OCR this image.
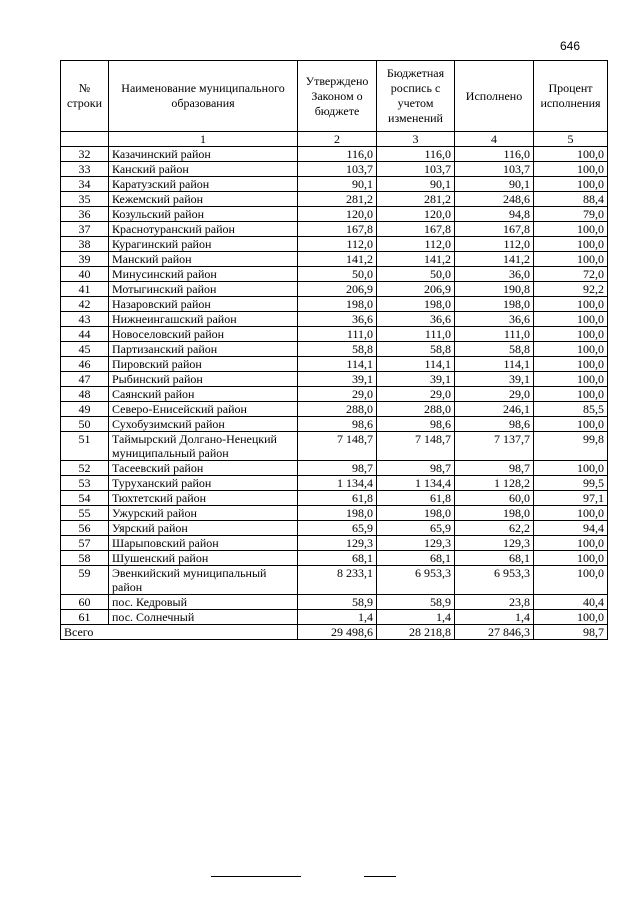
646
№ строки	Наименование муниципального образования	Утверждено Законом о бюджете	Бюджетная роспись с учетом изменений	Исполнено	Процент исполнения
	1	2	3	4	5
32	Казачинский район	116,0	116,0	116,0	100,0
33	Канский район	103,7	103,7	103,7	100,0
34	Каратузский район	90,1	90,1	90,1	100,0
35	Кежемский район	281,2	281,2	248,6	88,4
36	Козульский район	120,0	120,0	94,8	79,0
37	Краснотуранский район	167,8	167,8	167,8	100,0
38	Курагинский район	112,0	112,0	112,0	100,0
39	Манский район	141,2	141,2	141,2	100,0
40	Минусинский район	50,0	50,0	36,0	72,0
41	Мотыгинский район	206,9	206,9	190,8	92,2
42	Назаровский район	198,0	198,0	198,0	100,0
43	Нижнеингашский район	36,6	36,6	36,6	100,0
44	Новоселовский район	111,0	111,0	111,0	100,0
45	Партизанский район	58,8	58,8	58,8	100,0
46	Пировский район	114,1	114,1	114,1	100,0
47	Рыбинский район	39,1	39,1	39,1	100,0
48	Саянский район	29,0	29,0	29,0	100,0
49	Северо-Енисейский район	288,0	288,0	246,1	85,5
50	Сухобузимский район	98,6	98,6	98,6	100,0
51	Таймырский Долгано-Ненецкий муниципальный район	7 148,7	7 148,7	7 137,7	99,8
52	Тасеевский район	98,7	98,7	98,7	100,0
53	Туруханский район	1 134,4	1 134,4	1 128,2	99,5
54	Тюхтетский район	61,8	61,8	60,0	97,1
55	Ужурский район	198,0	198,0	198,0	100,0
56	Уярский район	65,9	65,9	62,2	94,4
57	Шарыповский район	129,3	129,3	129,3	100,0
58	Шушенский район	68,1	68,1	68,1	100,0
59	Эвенкийский муниципальный район	8 233,1	6 953,3	6 953,3	100,0
60	пос. Кедровый	58,9	58,9	23,8	40,4
61	пос. Солнечный	1,4	1,4	1,4	100,0
Всего		29 498,6	28 218,8	27 846,3	98,7
